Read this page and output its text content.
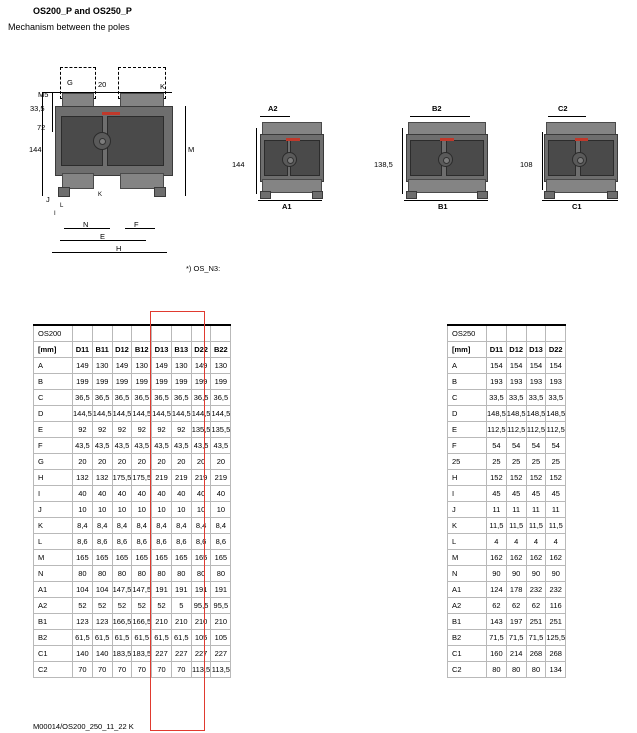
OS200_P and OS250_P
Mechanism between the poles
M5
33,5
72
144
G	20	K
M
J
N	F
E
H
K
L
I
*) OS_N3:
A2
144
A1
B2
138,5
B1
C2
108
C1

OS200								
[mm]	D11	B11	D12	B12	D13	B13	D22	B22
A	149	130	149	130	149	130	149	130
B	199	199	199	199	199	199	199	199
C	36,5	36,5	36,5	36,5	36,5	36,5	36,5	36,5
D	144,5	144,5	144,5	144,5	144,5	144,5	144,5	144,5
E	92	92	92	92	92	92	135,5	135,5
F	43,5	43,5	43,5	43,5	43,5	43,5	43,5	43,5
G	20	20	20	20	20	20	20	20
H	132	132	175,5	175,5	219	219	219	219
I	40	40	40	40	40	40	40	40
J	10	10	10	10	10	10	10	10
K	8,4	8,4	8,4	8,4	8,4	8,4	8,4	8,4
L	8,6	8,6	8,6	8,6	8,6	8,6	8,6	8,6
M	165	165	165	165	165	165	165	165
N	80	80	80	80	80	80	80	80
A1	104	104	147,5	147,5	191	191	191	191
A2	52	52	52	52	52	5	95,5	95,5
B1	123	123	166,5	166,5	210	210	210	210
B2	61,5	61,5	61,5	61,5	61,5	61,5	105	105
C1	140	140	183,5	183,5	227	227	227	227
C2	70	70	70	70	70	70	113,5	113,5

OS250				
[mm]	D11	D12	D13	D22
A	154	154	154	154
B	193	193	193	193
C	33,5	33,5	33,5	33,5
D	148,5	148,5	148,5	148,5
E	112,5	112,5	112,5	112,5
F	54	54	54	54
25	25	25	25	25
H	152	152	152	152
I	45	45	45	45
J	11	11	11	11
K	11,5	11,5	11,5	11,5
L	4	4	4	4
M	162	162	162	162
N	90	90	90	90
A1	124	178	232	232
A2	62	62	62	116
B1	143	197	251	251
B2	71,5	71,5	71,5	125,5
C1	160	214	268	268
C2	80	80	80	134
M00014/OS200_250_11_22 K
